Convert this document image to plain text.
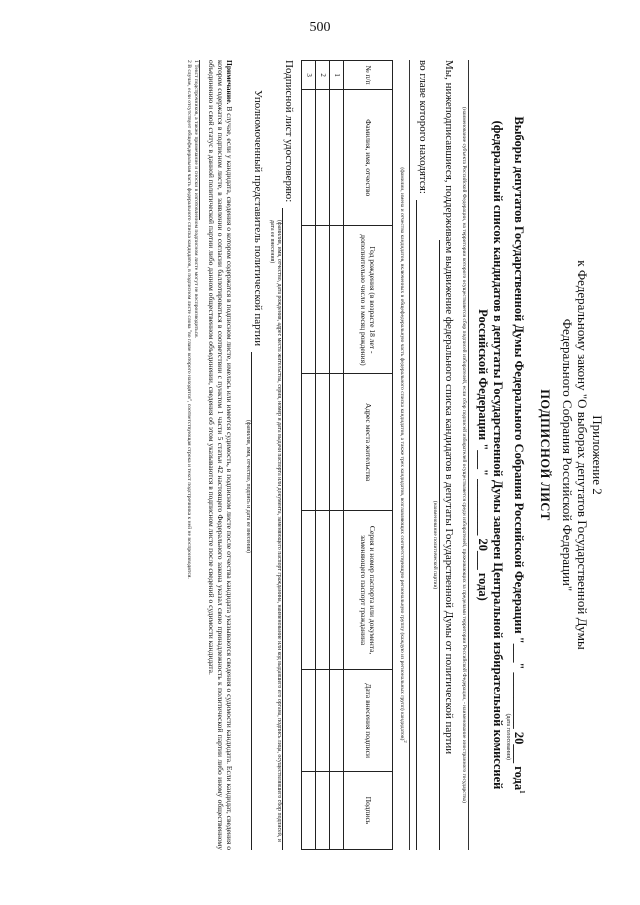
500
Приложение 2
к Федеральному закону "О выборах депутатов Государственной Думы
Федерального Собрания Российской Федерации"
ПОДПИСНОЙ ЛИСТ
Выборы депутатов Государственной Думы Федерального Собрания Российской Федерации "___" _________ 20___ года$^1$
(дата голосования)
(федеральный список кандидатов в депутаты Государственной Думы заверен Центральной избирательной комиссией
Российской Федерации "___" _________ 20___ года)
(наименование субъекта Российской Федерации, на территории которого осуществляется сбор подписей избирателей, если сбор подписей избирателей осуществляется среди избирателей, проживающих за пределами территории Российской Федерации, - наименование иностранного государства)
Мы, нижеподписавшиеся, поддерживаем выдвижение федерального списка кандидатов в депутаты Государственной Думы от политической партии
(наименование политической партии)
во главе которого находятся:
(фамилии, имена и отчества кандидатов, включенных в общефедеральную часть федерального списка кандидатов, а также трех кандидатов, возглавляющих соответствующую региональную группу (каждую из региональных групп) кандидатов)$^2$
№ п/п	Фамилия, имя, отчество	Год рождения (в возрасте 18 лет - дополнительно число и месяц рождения)	Адрес места жительства	Серия и номер паспорта или документа, заменяющего паспорт гражданина	Дата внесения подписи	Подпись
1						
2						
3						
Подписной лист удостоверяю:
(фамилия, имя, отчество, дата рождения, адрес места жительства, серия, номер и дата выдачи паспорта или документа, заменяющего паспорт гражданина, наименование или код выдавшего его органа, подпись лица, осуществлявшего сбор подписей, и дата ее внесения)
Уполномоченный представитель политической партии
(фамилия, имя, отчество, подпись и дата ее внесения)
Примечание. В случае, если у кандидата, сведения о котором содержатся в подписном листе, имелась или имеется судимость, в подписном листе после отчества кандидата указываются сведения о судимости кандидата. Если кандидат, сведения о котором содержатся в подписном листе, в заявлении о согласии баллотироваться в соответствии с пунктом 1 части 5 статьи 42 настоящего Федерального закона указал свою принадлежность к политической партии либо иному общественному объединению и свой статус в данной политической партии либо данном общественном объединении, сведения об этом указываются в подписном листе после сведений о судимости кандидата.
1 Текст подстрочников, а также примечание и сноски в изготовленном подписном листе могут не воспроизводиться.
2 В случае, если отсутствует общефедеральная часть федерального списка кандидатов, в подписном листе слова "во главе которого находятся", соответствующая строка и текст подстрочника к ней не воспроизводятся.
